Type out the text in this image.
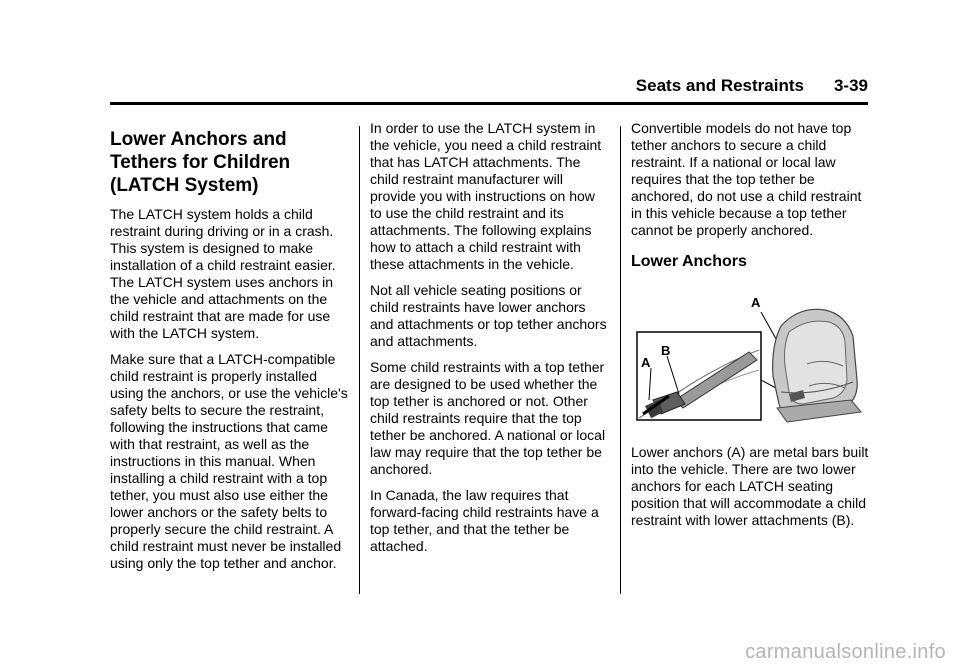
Seats and Restraints 3-39
Lower Anchors and
Tethers for Children
(LATCH System)

The LATCH system holds a child restraint during driving or in a crash. This system is designed to make installation of a child restraint easier. The LATCH system uses anchors in the vehicle and attachments on the child restraint that are made for use with the LATCH system.

Make sure that a LATCH-compatible child restraint is properly installed using the anchors, or use the vehicle's safety belts to secure the restraint, following the instructions that came with that restraint, as well as the instructions in this manual. When installing a child restraint with a top tether, you must also use either the lower anchors or the safety belts to properly secure the child restraint. A child restraint must never be installed using only the top tether and anchor.

In order to use the LATCH system in the vehicle, you need a child restraint that has LATCH attachments. The child restraint manufacturer will provide you with instructions on how to use the child restraint and its attachments. The following explains how to attach a child restraint with these attachments in the vehicle.

Not all vehicle seating positions or child restraints have lower anchors and attachments or top tether anchors and attachments.

Some child restraints with a top tether are designed to be used whether the top tether is anchored or not. Other child restraints require that the top tether be anchored. A national or local law may require that the top tether be anchored.

In Canada, the law requires that forward-facing child restraints have a top tether, and that the tether be attached.

Convertible models do not have top tether anchors to secure a child restraint. If a national or local law requires that the top tether be anchored, do not use a child restraint in this vehicle because a top tether cannot be properly anchored.

Lower Anchors
A
B
A

Lower anchors (A) are metal bars built into the vehicle. There are two lower anchors for each LATCH seating position that will accommodate a child restraint with lower attachments (B).

carmanualsonline.info
